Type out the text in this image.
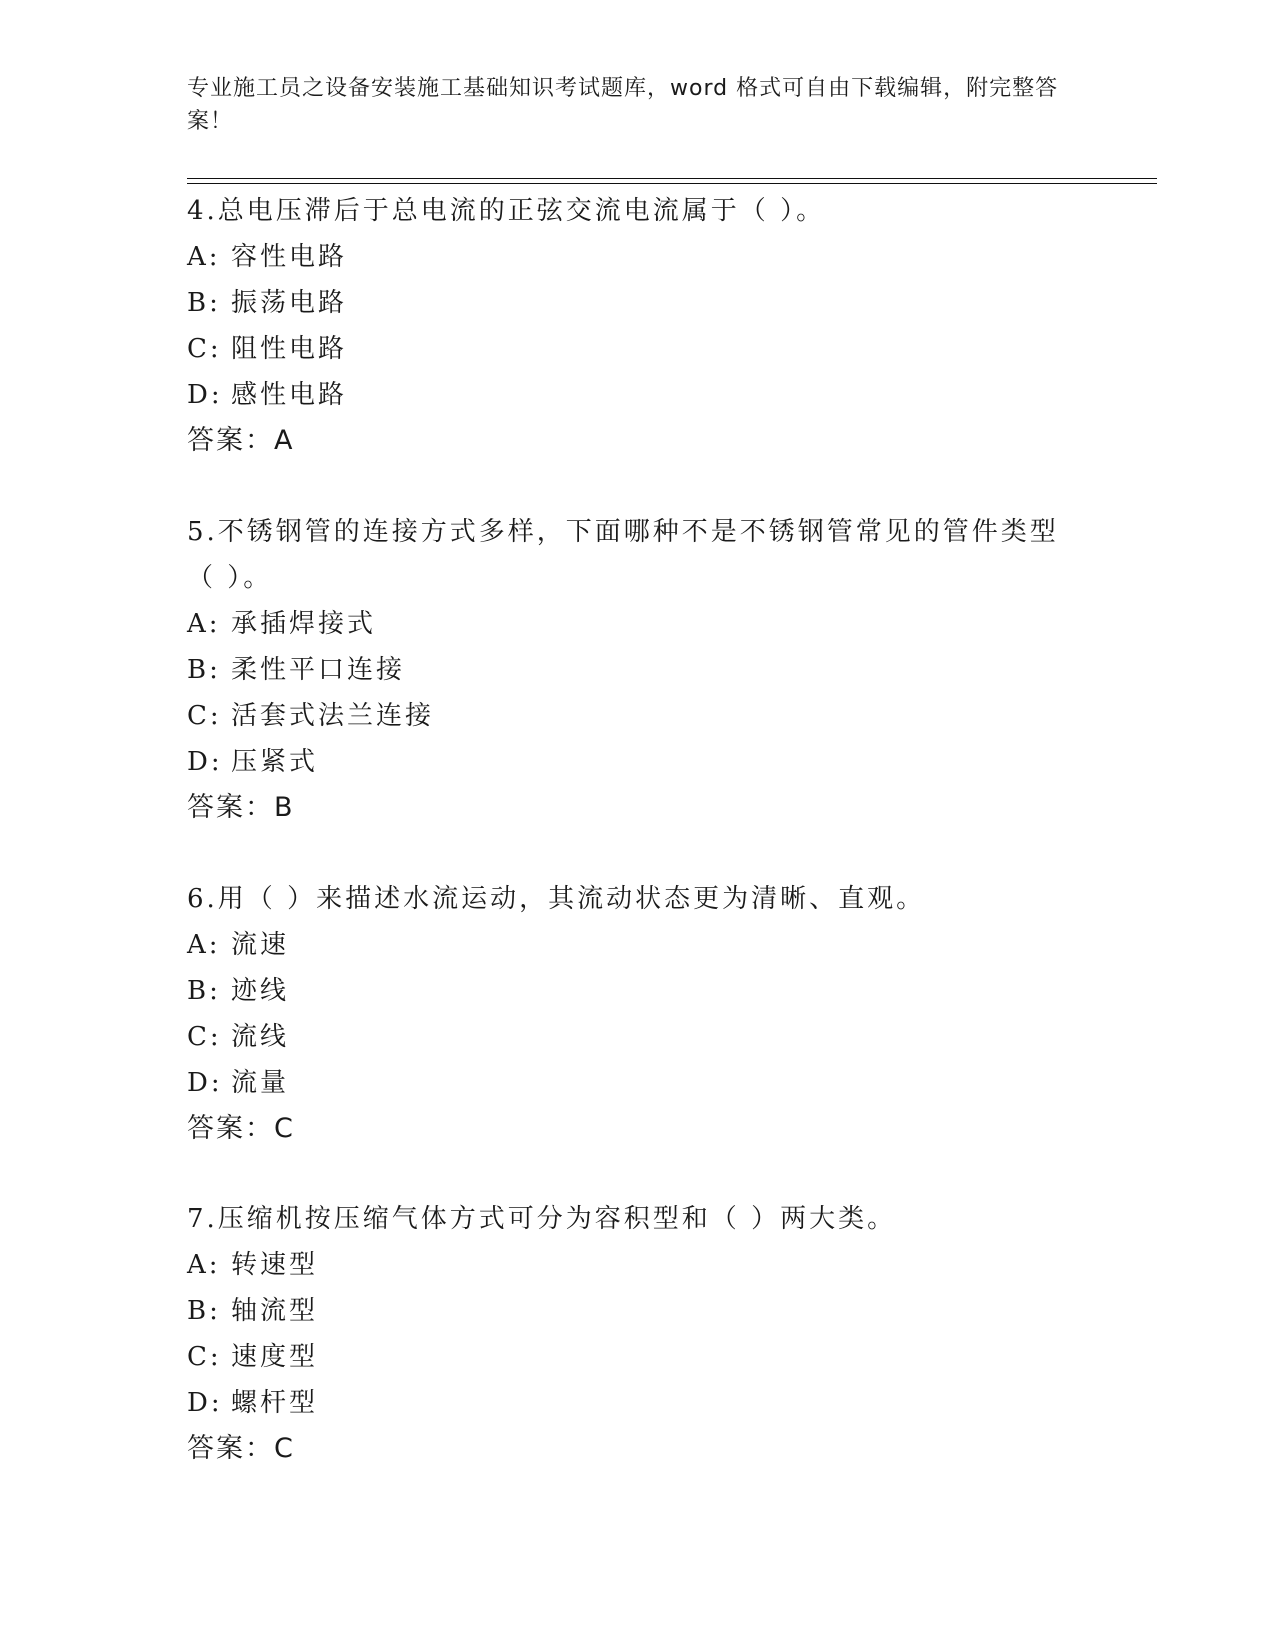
专业施工员之设备安装施工基础知识考试题库，word 格式可自由下载编辑，附完整答案！
4.总电压滞后于总电流的正弦交流电流属于（ ）。
A: 容性电路
B: 振荡电路
C: 阻性电路
D: 感性电路
答案：A
5.不锈钢管的连接方式多样，下面哪种不是不锈钢管常见的管件类型（ ）。
A: 承插焊接式
B: 柔性平口连接
C: 活套式法兰连接
D: 压紧式
答案：B
6.用（ ）来描述水流运动，其流动状态更为清晰、直观。
A: 流速
B: 迹线
C: 流线
D: 流量
答案：C
7.压缩机按压缩气体方式可分为容积型和（ ）两大类。
A: 转速型
B: 轴流型
C: 速度型
D: 螺杆型
答案：C
